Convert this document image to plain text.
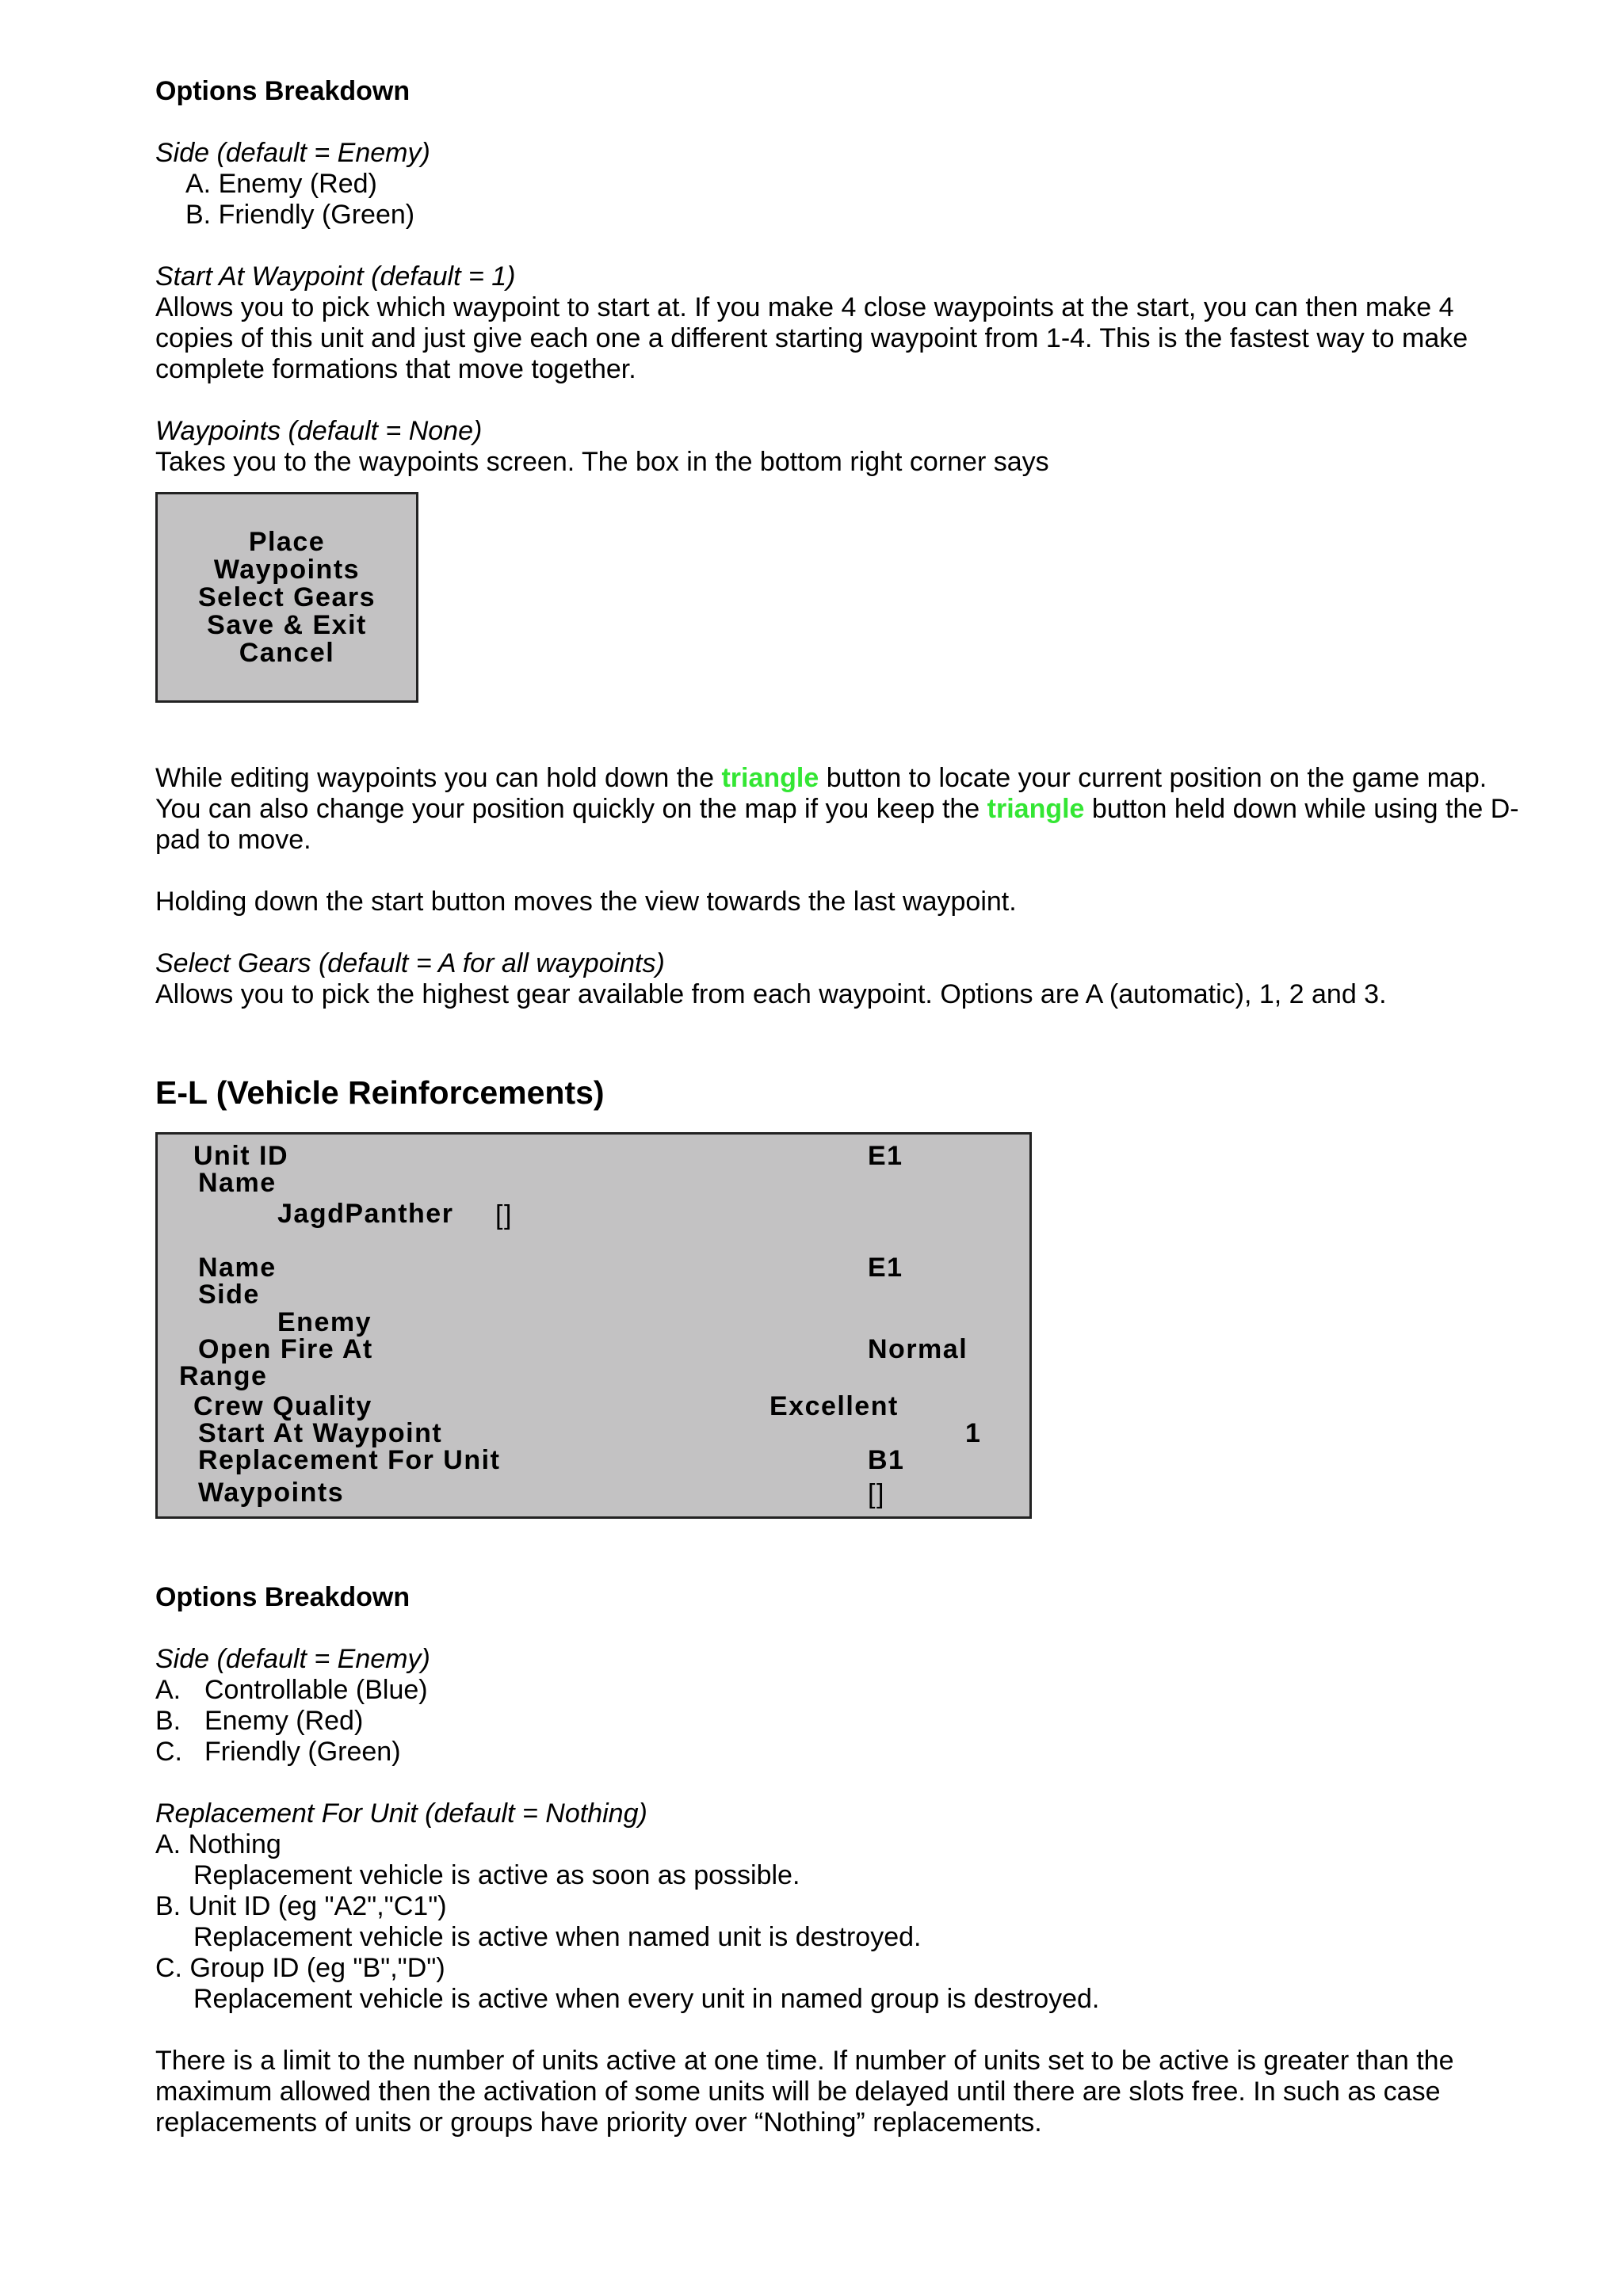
Options Breakdown

Side (default = Enemy)

A. Enemy (Red)

B. Friendly (Green)

Start At Waypoint (default = 1)

Allows you to pick which waypoint to start at. If you make 4 close waypoints at the start, you can then make 4

copies of this unit and just give each one a different starting waypoint from 1-4. This is the fastest way to make

complete formations that move together.

Waypoints (default = None)

Takes you to the waypoints screen. The box in the bottom right corner says

Place
Waypoints
Select Gears
Save & Exit
Cancel

While editing waypoints you can hold down the triangle button to locate your current position on the game map.

You can also change your position quickly on the map if you keep the triangle button held down while using the D-

pad to move.

Holding down the start button moves the view towards the last waypoint.

Select Gears (default = A for all waypoints)

Allows you to pick the highest gear available from each waypoint. Options are A (automatic), 1, 2 and 3.

E-L (Vehicle Reinforcements)

Unit ID	E1
Name
JagdPanther []
Name	E1
Side
Enemy
Open Fire At	Normal
Range
Crew Quality	Excellent
Start At Waypoint	1
Replacement For Unit	B1
Waypoints	[]

Options Breakdown

Side (default = Enemy)

A. Controllable (Blue)
B. Enemy (Red)
C. Friendly (Green)

Replacement For Unit (default = Nothing)

A. Nothing

Replacement vehicle is active as soon as possible.

B. Unit ID (eg "A2","C1")

Replacement vehicle is active when named unit is destroyed.

C. Group ID (eg "B","D")

Replacement vehicle is active when every unit in named group is destroyed.

There is a limit to the number of units active at one time. If number of units set to be active is greater than the

maximum allowed then the activation of some units will be delayed until there are slots free. In such as case

replacements of units or groups have priority over “Nothing” replacements.
